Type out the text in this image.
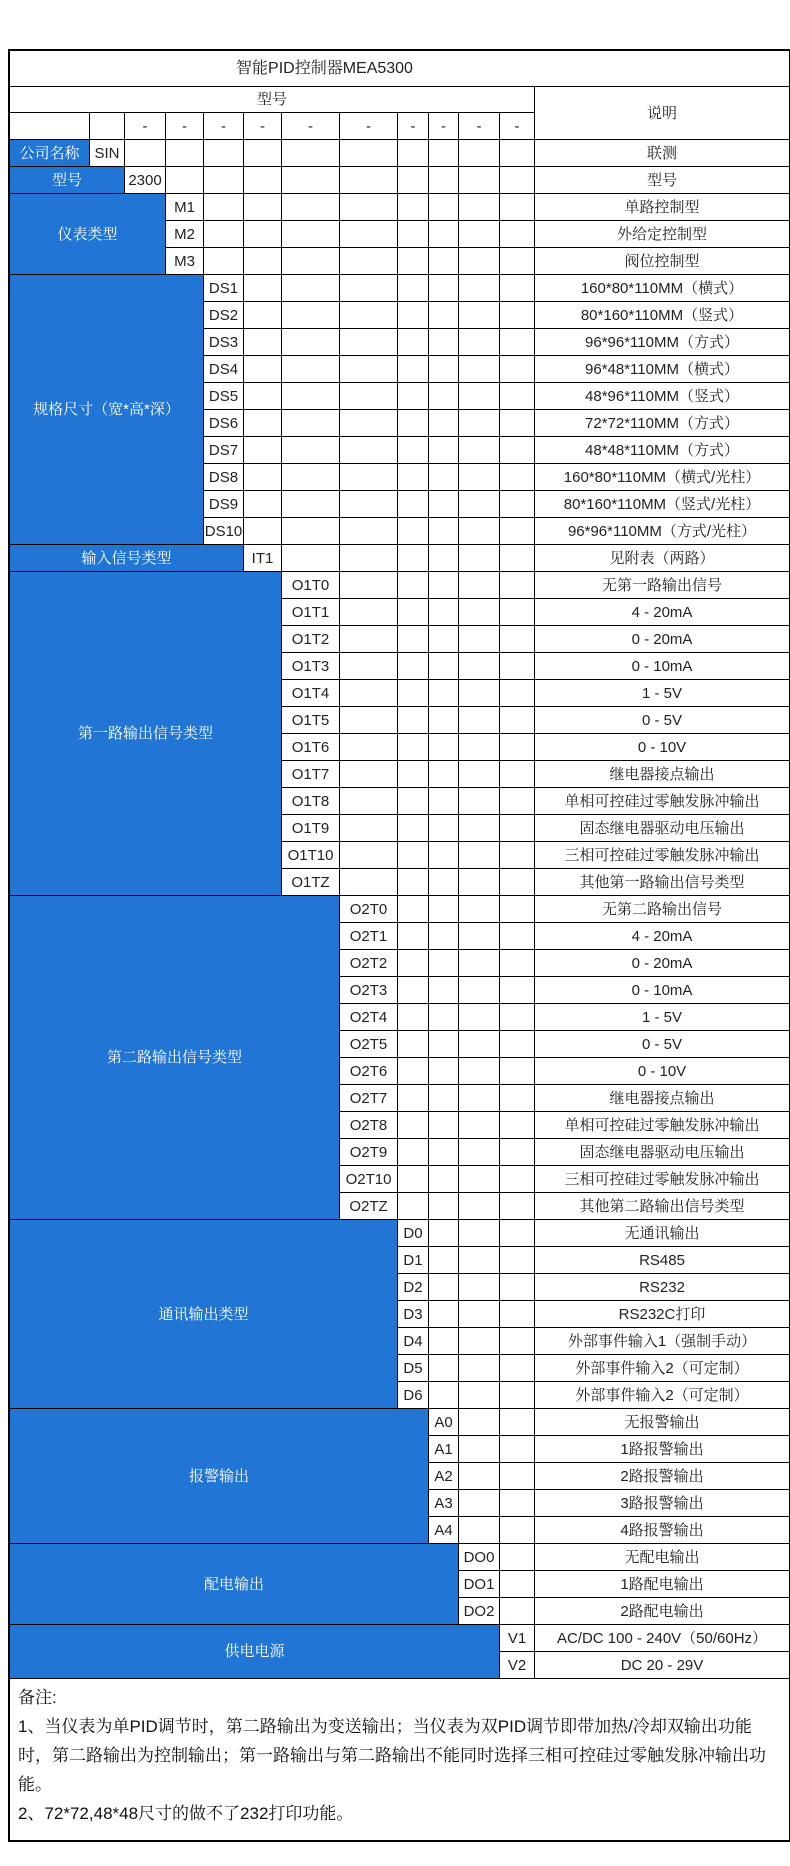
智能PID控制器MEA5300
型号
说明
-	-	-	-	-	-	-	-	-	-
公司名称 SIN	联测
型号	2300	型号
仪表类型
M1	单路控制型
M2	外给定控制型
M3	阀位控制型
规格尺寸（宽*高*深）
DS1	160*80*110MM（横式）
DS2	80*160*110MM（竖式）
DS3	96*96*110MM（方式）
DS4	96*48*110MM（横式）
DS5	48*96*110MM（竖式）
DS6	72*72*110MM（方式）
DS7	48*48*110MM（方式）
DS8	160*80*110MM（横式/光柱）
DS9	80*160*110MM（竖式/光柱）
DS10	96*96*110MM（方式/光柱）
输入信号类型	IT1	见附表（两路）
第一路输出信号类型
O1T0	无第一路输出信号
O1T1	4 - 20mA
O1T2	0 - 20mA
O1T3	0 - 10mA
O1T4	1 - 5V
O1T5	0 - 5V
O1T6	0 - 10V
O1T7	继电器接点输出
O1T8	单相可控硅过零触发脉冲输出
O1T9	固态继电器驱动电压输出
O1T10	三相可控硅过零触发脉冲输出
O1TZ	其他第一路输出信号类型
第二路输出信号类型
O2T0	无第二路输出信号
O2T1	4 - 20mA
O2T2	0 - 20mA
O2T3	0 - 10mA
O2T4	1 - 5V
O2T5	0 - 5V
O2T6	0 - 10V
O2T7	继电器接点输出
O2T8	单相可控硅过零触发脉冲输出
O2T9	固态继电器驱动电压输出
O2T10	三相可控硅过零触发脉冲输出
O2TZ	其他第二路输出信号类型
通讯输出类型
D0	无通讯输出
D1	RS485
D2	RS232
D3	RS232C打印
D4	外部事件输入1（强制手动）
D5	外部事件输入2（可定制）
D6	外部事件输入2（可定制）
报警输出
A0	无报警输出
A1	1路报警输出
A2	2路报警输出
A3	3路报警输出
A4	4路报警输出
配电输出
DO0	无配电输出
DO1	1路配电输出
DO2	2路配电输出
供电电源
V1	AC/DC 100 - 240V（50/60Hz）
V2	DC 20 - 29V
备注:
1、当仪表为单PID调节时，第二路输出为变送输出；当仪表为双PID调节即带加热/冷却双输出功能时，第二路输出为控制输出；第一路输出与第二路输出不能同时选择三相可控硅过零触发脉冲输出功能。
2、72*72,48*48尺寸的做不了232打印功能。
